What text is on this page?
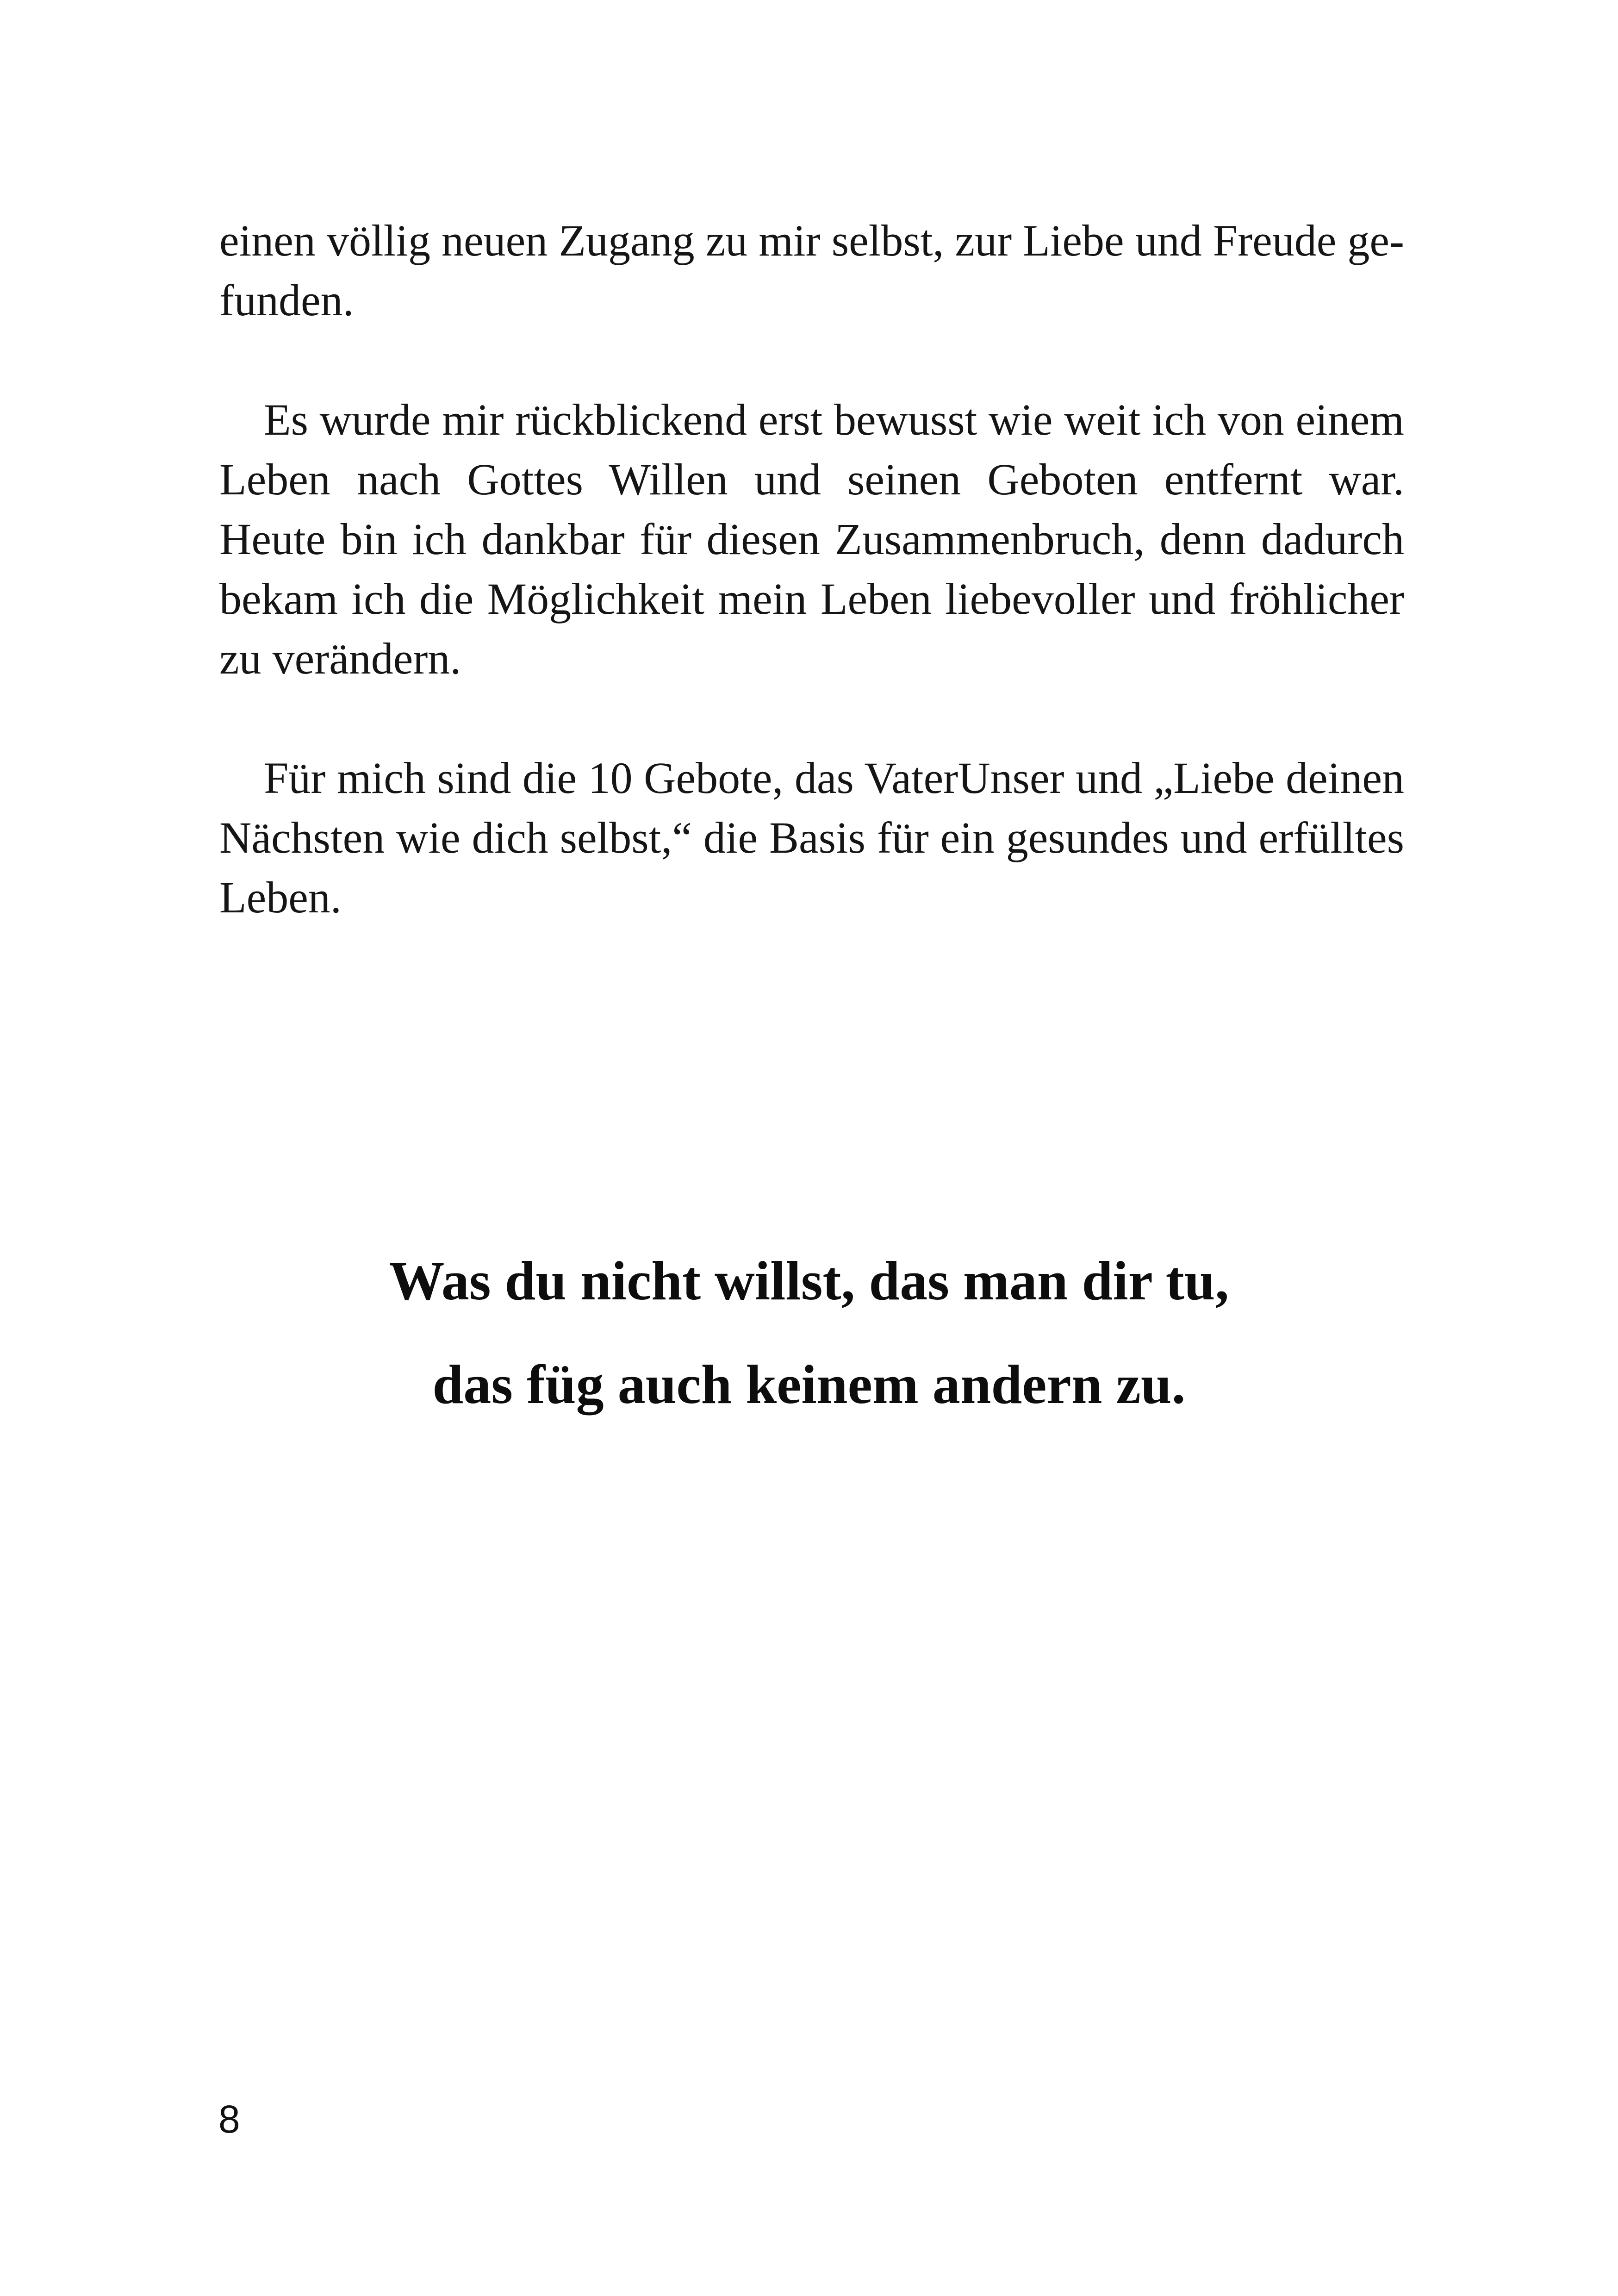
einen völlig neuen Zugang zu mir selbst, zur Liebe und Freude ge-
funden.

Es wurde mir rückblickend erst bewusst wie weit ich von einem
Leben nach Gottes Willen und seinen Geboten entfernt war.
Heute bin ich dankbar für diesen Zusammenbruch, denn dadurch
bekam ich die Möglichkeit mein Leben liebevoller und fröhlicher
zu verändern.

Für mich sind die 10 Gebote, das VaterUnser und „Liebe deinen
Nächsten wie dich selbst,“ die Basis für ein gesundes und erfülltes
Leben.

Was du nicht willst, das man dir tu,
das füg auch keinem andern zu.
8
